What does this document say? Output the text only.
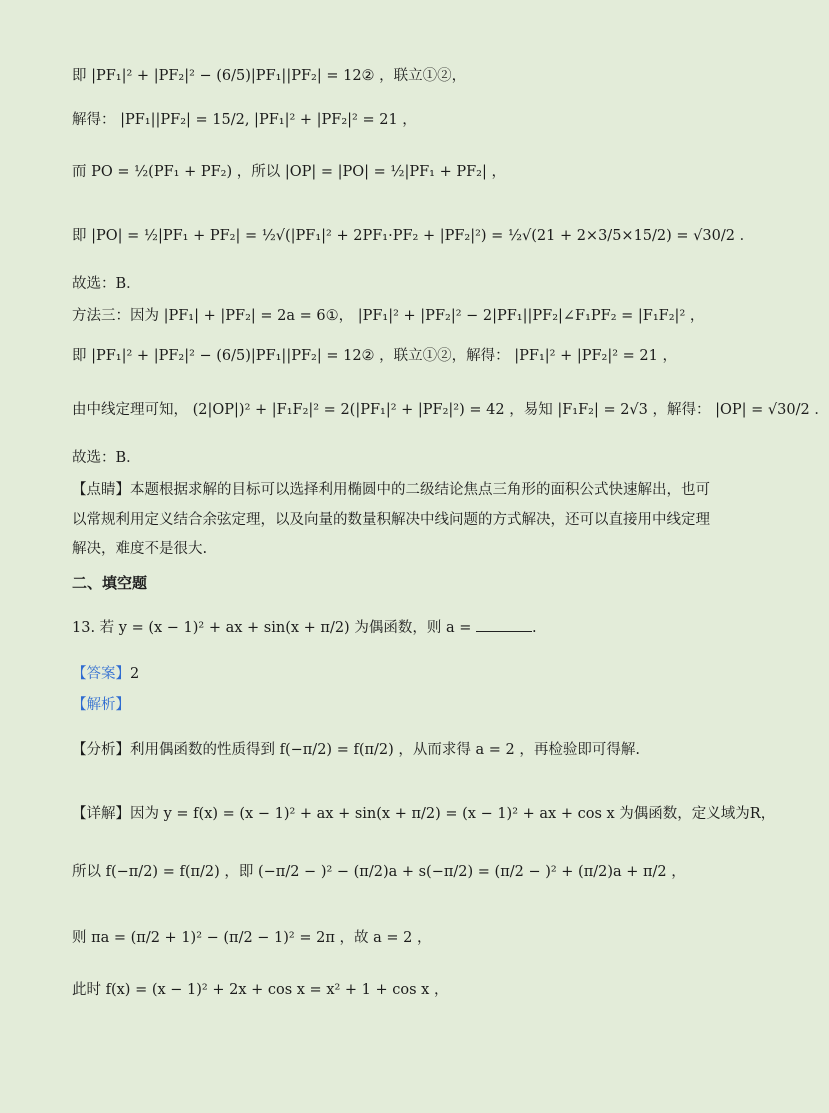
即 |PF₁|² + |PF₂|² − (6/5)|PF₁||PF₂| = 12② ，联立①②，
解得： |PF₁||PF₂| = 15/2, |PF₁|² + |PF₂|² = 21 ，
而 PO = ½(PF₁ + PF₂) ，所以 |OP| = |PO| = ½|PF₁ + PF₂| ，
即 |PO| = ½|PF₁ + PF₂| = ½√(|PF₁|² + 2PF₁·PF₂ + |PF₂|²) = ½√(21 + 2×3/5×15/2) = √30/2 ．
故选：B．
方法三：因为 |PF₁| + |PF₂| = 2a = 6①， |PF₁|² + |PF₂|² − 2|PF₁||PF₂|∠F₁PF₂ = |F₁F₂|² ，
即 |PF₁|² + |PF₂|² − (6/5)|PF₁||PF₂| = 12② ，联立①②，解得： |PF₁|² + |PF₂|² = 21 ，
由中线定理可知， (2|OP|)² + |F₁F₂|² = 2(|PF₁|² + |PF₂|²) = 42 ，易知 |F₁F₂| = 2√3 ，解得： |OP| = √30/2 ．
故选：B．
【点睛】本题根据求解的目标可以选择利用椭圆中的二级结论焦点三角形的面积公式快速解出，也可以常规利用定义结合余弦定理，以及向量的数量积解决中线问题的方式解决，还可以直接用中线定理解决，难度不是很大.
二、填空题
13. 若 y = (x − 1)² + ax + sin(x + π/2) 为偶函数，则 a =	.
【答案】2
【解析】
【分析】利用偶函数的性质得到 f(−π/2) = f(π/2) ，从而求得 a = 2 ，再检验即可得解.
【详解】因为 y = f(x) = (x − 1)² + ax + sin(x + π/2) = (x − 1)² + ax + cos x 为偶函数，定义域为R，
所以 f(−π/2) = f(π/2) ，即 (−π/2 − )² − (π/2)a + s(−π/2) = (π/2 − )² + (π/2)a + π/2 ，
则 πa = (π/2 + 1)² − (π/2 − 1)² = 2π ，故 a = 2 ，
此时 f(x) = (x − 1)² + 2x + cos x = x² + 1 + cos x ，
